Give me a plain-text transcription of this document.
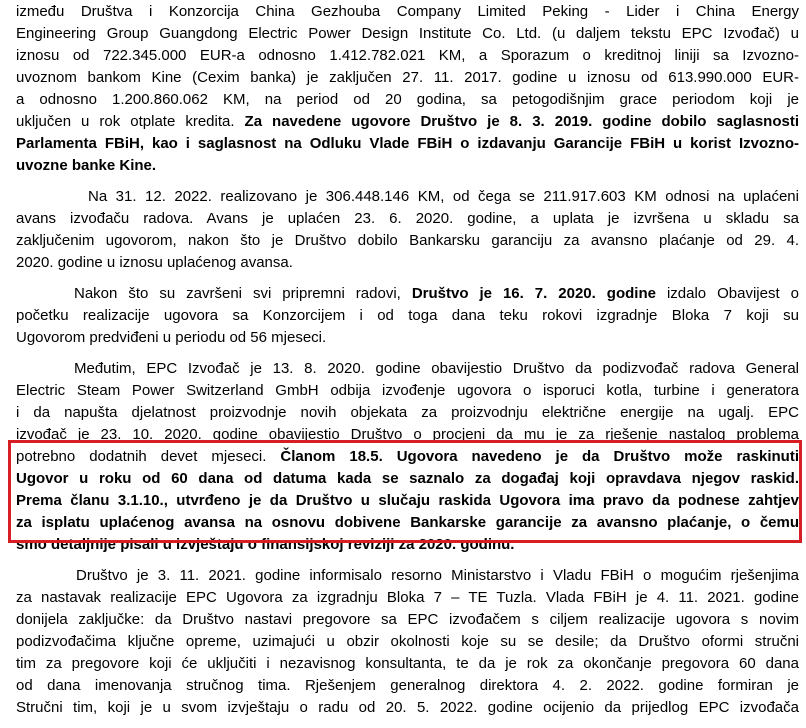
između Društva i Konzorcija China Gezhouba Company Limited Peking - Lider i China Energy
Engineering Group Guangdong Electric Power Design Institute Co. Ltd. (u daljem tekstu EPC Izvođač) u
iznosu od 722.345.000 EUR-a odnosno 1.412.782.021 KM, a Sporazum o kreditnoj liniji sa Izvozno-
uvoznom bankom Kine (Cexim banka) je zaključen 27. 11. 2017. godine u iznosu od 613.990.000 EUR-
a odnosno 1.200.860.062 KM, na period od 20 godina, sa petogodišnjim grace periodom koji je
uključen u rok otplate kredita. Za navedene ugovore Društvo je 8. 3. 2019. godine dobilo saglasnosti
Parlamenta FBiH, kao i saglasnost na Odluku Vlade FBiH o izdavanju Garancije FBiH u korist Izvozno-
uvozne banke Kine.
Na 31. 12. 2022. realizovano je 306.448.146 KM, od čega se 211.917.603 KM odnosi na uplaćeni
avans izvođaču radova. Avans je uplaćen 23. 6. 2020. godine, a uplata je izvršena u skladu sa
zaključenim ugovorom, nakon što je Društvo dobilo Bankarsku garanciju za avansno plaćanje od 29. 4.
2020. godine u iznosu uplaćenog avansa.
Nakon što su završeni svi pripremni radovi, Društvo je 16. 7. 2020. godine izdalo Obavijest o
početku realizacije ugovora sa Konzorcijem i od toga dana teku rokovi izgradnje Bloka 7 koji su
Ugovorom predviđeni u periodu od 56 mjeseci.
Međutim, EPC Izvođač je 13. 8. 2020. godine obavijestio Društvo da podizvođač radova General
Electric Steam Power Switzerland GmbH odbija izvođenje ugovora o isporuci kotla, turbine i generatora
i da napušta djelatnost proizvodnje novih objekata za proizvodnju električne energije na ugalj. EPC
izvođač je 23. 10. 2020. godine obavijestio Društvo o procjeni da mu je za rješenje nastalog problema
potrebno dodatnih devet mjeseci. Članom 18.5. Ugovora navedeno je da Društvo može raskinuti
Ugovor u roku od 60 dana od datuma kada se saznalo za događaj koji opravdava njegov raskid.
Prema članu 3.1.10., utvrđeno je da Društvo u slučaju raskida Ugovora ima pravo da podnese zahtjev
za isplatu uplaćenog avansa na osnovu dobivene Bankarske garancije za avansno plaćanje, o čemu
smo detaljnije pisali u izvještaju o finansijskoj reviziji za 2020. godinu.
Društvo je 3. 11. 2021. godine informisalo resorno Ministarstvo i Vladu FBiH o mogućim rješenjima
za nastavak realizacije EPC Ugovora za izgradnju Bloka 7 – TE Tuzla. Vlada FBiH je 4. 11. 2021. godine
donijela zaključke: da Društvo nastavi pregovore sa EPC izvođačem s ciljem realizacije ugovora s novim
podizvođačima ključne opreme, uzimajući u obzir okolnosti koje su se desile; da Društvo oformi stručni
tim za pregovore koji će uključiti i nezavisnog konsultanta, te da je rok za okončanje pregovora 60 dana
od dana imenovanja stručnog tima. Rješenjem generalnog direktora 4. 2. 2022. godine formiran je
Stručni tim, koji je u svom izvještaju o radu od 20. 5. 2022. godine ocijenio da prijedlog EPC izvođača
